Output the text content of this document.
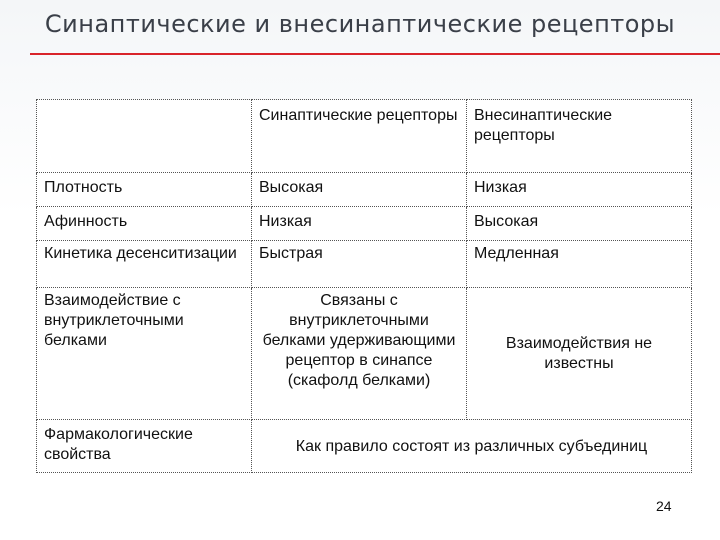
Синаптические и внесинаптические рецепторы
	Синаптические рецепторы	Внесинаптические рецепторы
Плотность	Высокая	Низкая
Афинность	Низкая	Высокая
Кинетика десенситизации	Быстрая	Медленная
Взаимодействие с внутриклеточными белками	Связаны с внутриклеточными белками удерживающими рецептор в синапсе (скафолд белками)	Взаимодействия не известны
Фармакологические свойства	Как правило состоят из различных субъединиц	
24
